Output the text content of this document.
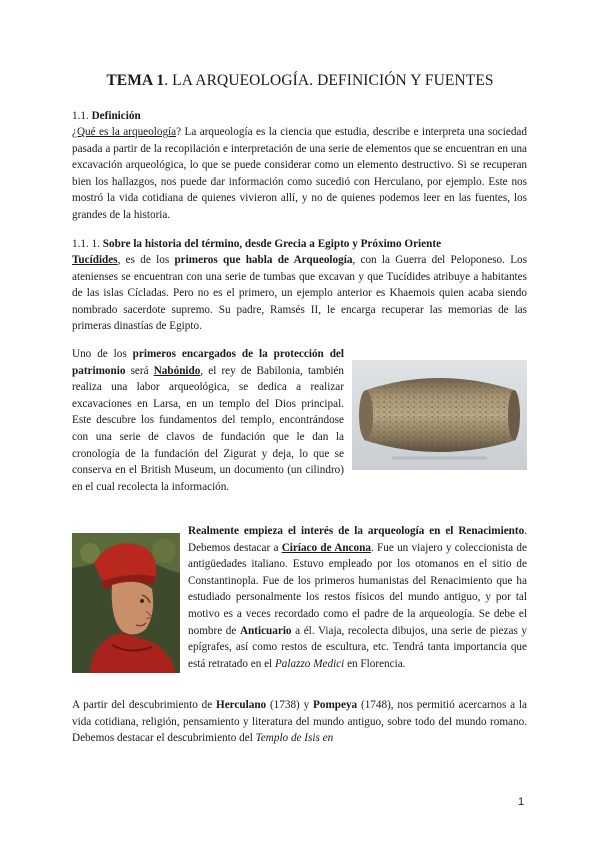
TEMA 1. LA ARQUEOLOGÍA. DEFINICIÓN Y FUENTES
1.1. Definición

¿Qué es la arqueología? La arqueología es la ciencia que estudia, describe e interpreta una sociedad pasada a partir de la recopilación e interpretación de una serie de elementos que se encuentran en una excavación arqueológica, lo que se puede considerar como un elemento destructivo. Si se recuperan bien los hallazgos, nos puede dar información como sucedió con Herculano, por ejemplo. Este nos mostró la vida cotidiana de quienes vivieron allí, y no de quienes podemos leer en las fuentes, los grandes de la historia.

1.1. 1. Sobre la historia del término, desde Grecia a Egipto y Próximo Oriente

Tucídides, es de los primeros que habla de Arqueología, con la Guerra del Peloponeso. Los atenienses se encuentran con una serie de tumbas que excavan y que Tucídides atribuye a habitantes de las islas Cícladas. Pero no es el primero, un ejemplo anterior es Khaemois quien acaba siendo nombrado sacerdote supremo. Su padre, Ramsés II, le encarga recuperar las memorias de las primeras dinastías de Egipto.

Uno de los primeros encargados de la protección del patrimonio será Nabónido, el rey de Babilonia, también realiza una labor arqueológica, se dedica a realizar excavaciones en Larsa, en un templo del Dios principal. Este descubre los fundamentos del templo, encontrándose con una serie de clavos de fundación que le dan la cronología de la fundación del Zigurat y deja, lo que se conserva en el British Museum, un documento (un cilindro) en el cual recolecta la información.

Realmente empieza el interés de la arqueología en el Renacimiento. Debemos destacar a Ciríaco de Ancona. Fue un viajero y coleccionista de antigüedades italiano. Estuvo empleado por los otomanos en el sitio de Constantinopla. Fue de los primeros humanistas del Renacimiento que ha estudiado personalmente los restos físicos del mundo antiguo, y por tal motivo es a veces recordado como el padre de la arqueología. Se debe el nombre de Anticuario a él. Viaja, recolecta dibujos, una serie de piezas y epígrafes, así como restos de escultura, etc. Tendrá tanta importancia que está retratado en el Palazzo Medici en Florencia.

A partir del descubrimiento de Herculano (1738) y Pompeya (1748), nos permitió acercarnos a la vida cotidiana, religión, pensamiento y literatura del mundo antiguo, sobre todo del mundo romano. Debemos destacar el descubrimiento del Templo de Isis en

1
